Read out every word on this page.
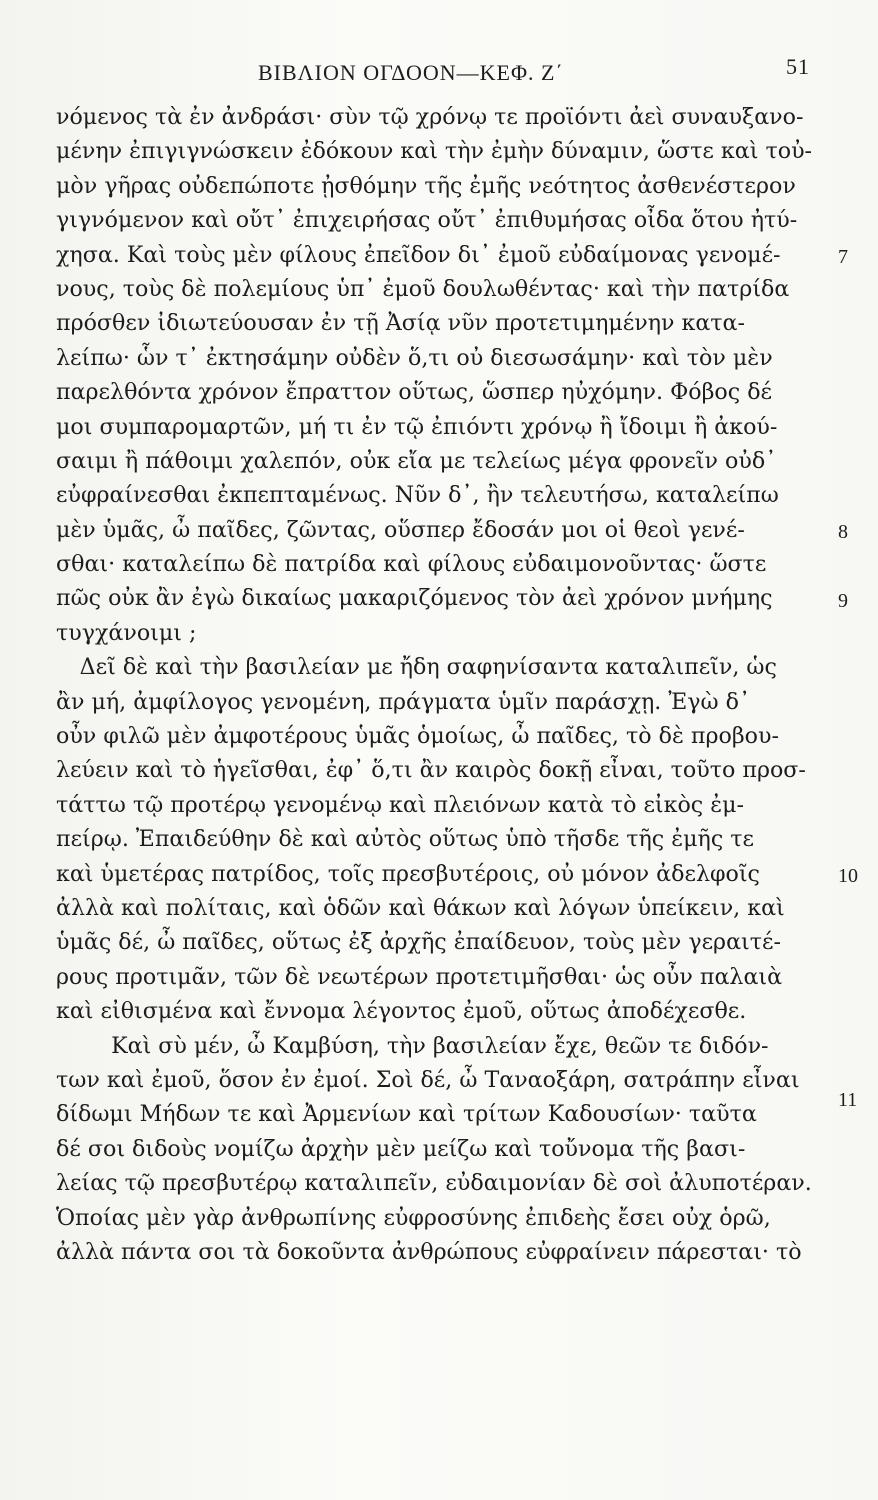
ΒΙΒΛΙΟΝ ΟΓΔΟΟΝ—ΚΕΦ. Ζ΄	51
νόμενος τὰ ἐν ἀνδράσι· σὺν τῷ χρόνῳ τε προϊόντι ἀεὶ συναυξανο-
μένην ἐπιγιγνώσκειν ἐδόκουν καὶ τὴν ἐμὴν δύναμιν, ὥστε καὶ τοὐ-
μὸν γῆρας οὐδεπώποτε ᾐσθόμην τῆς ἐμῆς νεότητος ἀσθενέστερον
γιγνόμενον καὶ οὔτ᾽ ἐπιχειρήσας οὔτ᾽ ἐπιθυμήσας οἶδα ὅτου ἠτύ-
χησα. Καὶ τοὺς μὲν φίλους ἐπεῖδον δι᾽ ἐμοῦ εὐδαίμονας γενομέ-
νους, τοὺς δὲ πολεμίους ὑπ᾽ ἐμοῦ δουλωθέντας· καὶ τὴν πατρίδα
πρόσθεν ἰδιωτεύουσαν ἐν τῇ Ἀσίᾳ νῦν προτετιμημένην κατα-
λείπω· ὧν τ᾽ ἐκτησάμην οὐδὲν ὅ,τι οὐ διεσωσάμην· καὶ τὸν μὲν
παρελθόντα χρόνον ἔπραττον οὕτως, ὥσπερ ηὐχόμην. Φόβος δέ
μοι συμπαρομαρτῶν, μή τι ἐν τῷ ἐπιόντι χρόνῳ ἢ ἴδοιμι ἢ ἀκού-
σαιμι ἢ πάθοιμι χαλεπόν, οὐκ εἴα με τελείως μέγα φρονεῖν οὐδ᾽
εὐφραίνεσθαι ἐκπεπταμένως. Νῦν δ᾽, ἢν τελευτήσω, καταλείπω
μὲν ὑμᾶς, ὦ παῖδες, ζῶντας, οὕσπερ ἔδοσάν μοι οἱ θεοὶ γενέ-
σθαι· καταλείπω δὲ πατρίδα καὶ φίλους εὐδαιμονοῦντας· ὥστε
πῶς οὐκ ἂν ἐγὼ δικαίως μακαριζόμενος τὸν ἀεὶ χρόνον μνήμης
τυγχάνοιμι ;
Δεῖ δὲ καὶ τὴν βασιλείαν με ἤδη σαφηνίσαντα καταλιπεῖν, ὡς
ἂν μή, ἀμφίλογος γενομένη, πράγματα ὑμῖν παράσχῃ. Ἐγὼ δ᾽
οὖν φιλῶ μὲν ἀμφοτέρους ὑμᾶς ὁμοίως, ὦ παῖδες, τὸ δὲ προβου-
λεύειν καὶ τὸ ἡγεῖσθαι, ἐφ᾽ ὅ,τι ἂν καιρὸς δοκῇ εἶναι, τοῦτο προσ-
τάττω τῷ προτέρῳ γενομένῳ καὶ πλειόνων κατὰ τὸ εἰκὸς ἐμ-
πείρῳ. Ἐπαιδεύθην δὲ καὶ αὐτὸς οὕτως ὑπὸ τῆσδε τῆς ἐμῆς τε
καὶ ὑμετέρας πατρίδος, τοῖς πρεσβυτέροις, οὐ μόνον ἀδελφοῖς
ἀλλὰ καὶ πολίταις, καὶ ὁδῶν καὶ θάκων καὶ λόγων ὑπείκειν, καὶ
ὑμᾶς δέ, ὦ παῖδες, οὕτως ἐξ ἀρχῆς ἐπαίδευον, τοὺς μὲν γεραιτέ-
ρους προτιμᾶν, τῶν δὲ νεωτέρων προτετιμῆσθαι· ὡς οὖν παλαιὰ
καὶ εἰθισμένα καὶ ἔννομα λέγοντος ἐμοῦ, οὕτως ἀποδέχεσθε.
Καὶ σὺ μέν, ὦ Καμβύση, τὴν βασιλείαν ἔχε, θεῶν τε διδόν-
των καὶ ἐμοῦ, ὅσον ἐν ἐμοί. Σοὶ δέ, ὦ Ταναοξάρη, σατράπην εἶναι
δίδωμι Μήδων τε καὶ Ἀρμενίων καὶ τρίτων Καδουσίων· ταῦτα
δέ σοι διδοὺς νομίζω ἀρχὴν μὲν μείζω καὶ τοὔνομα τῆς βασι-
λείας τῷ πρεσβυτέρῳ καταλιπεῖν, εὐδαιμονίαν δὲ σοὶ ἀλυποτέραν.
Ὁποίας μὲν γὰρ ἀνθρωπίνης εὐφροσύνης ἐπιδεὴς ἔσει οὐχ ὁρῶ,
ἀλλὰ πάντα σοι τὰ δοκοῦντα ἀνθρώπους εὐφραίνειν πάρεσται· τὸ
7
8
9
10
11
